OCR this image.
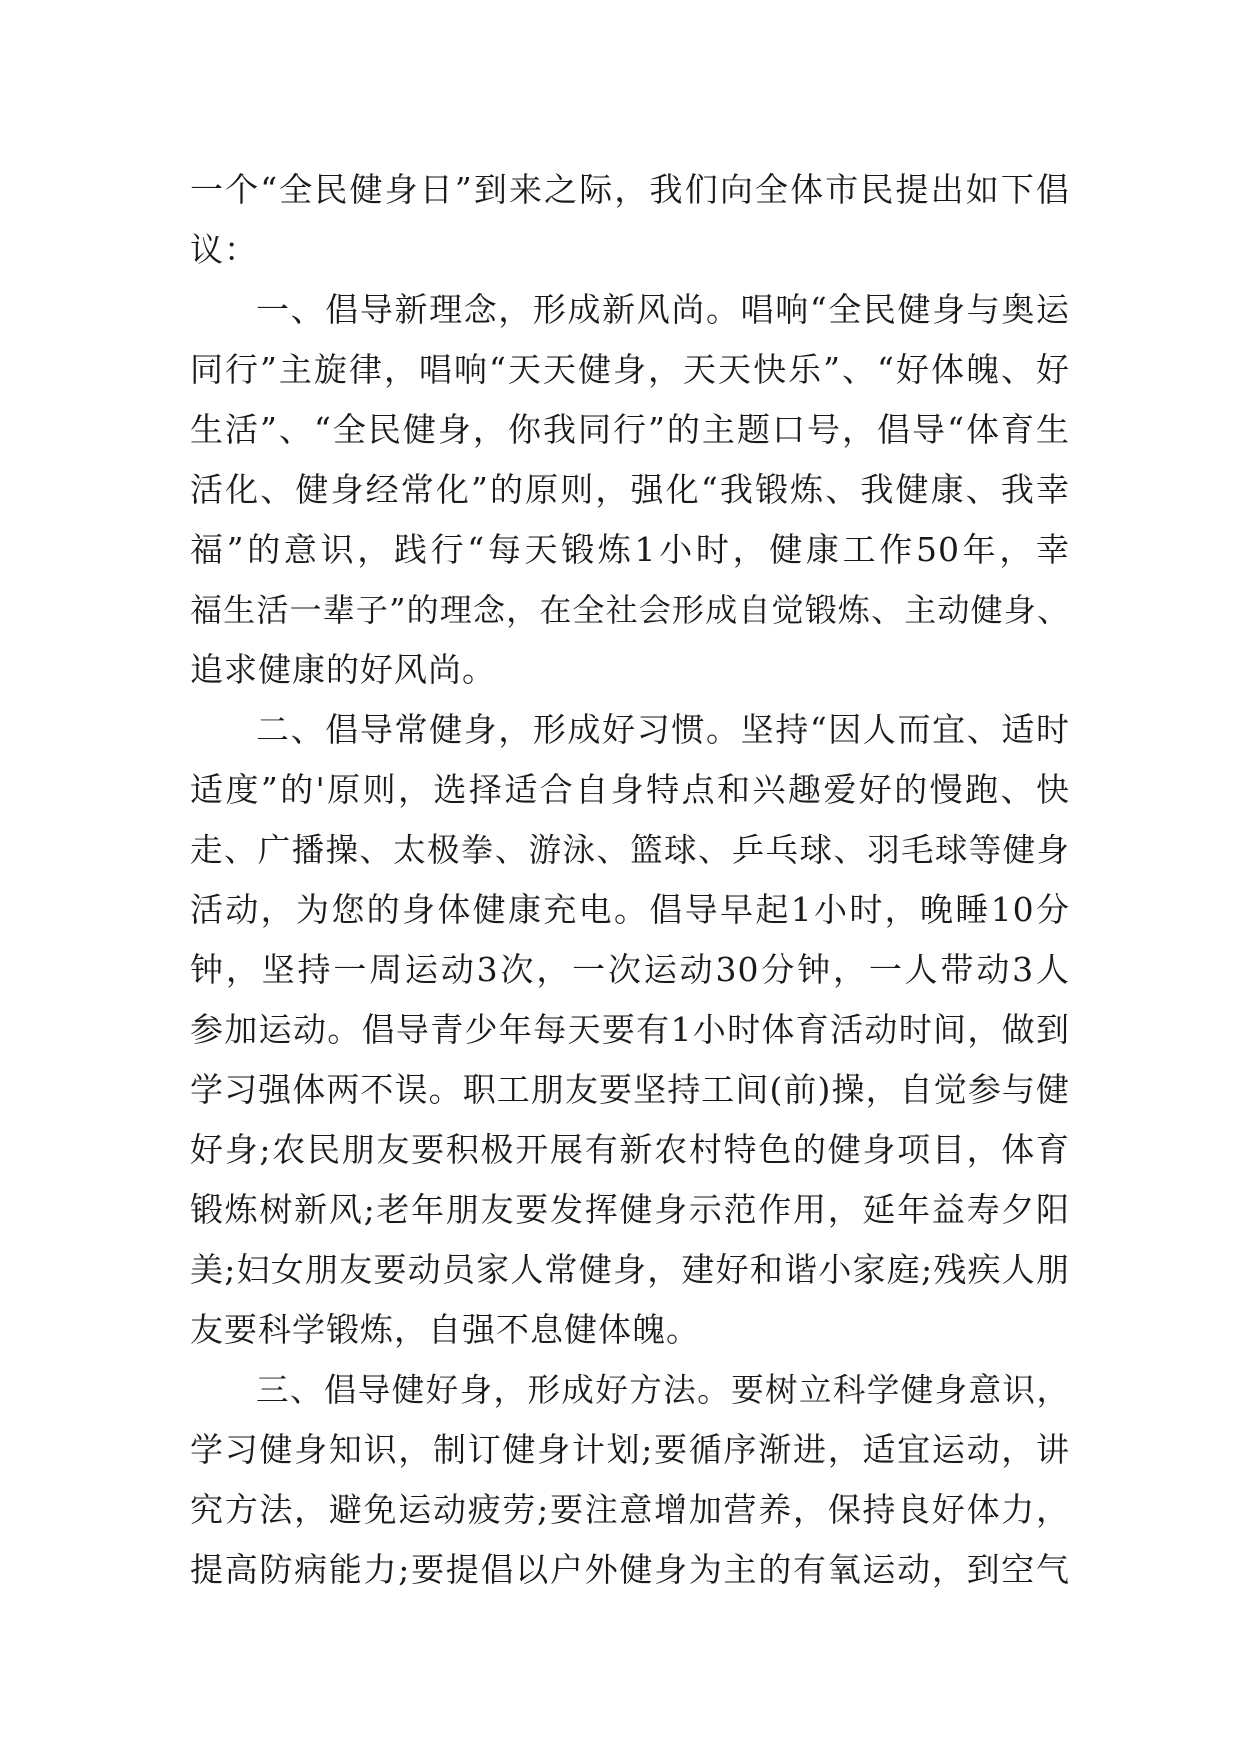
一个“全民健身日”到来之际，我们向全体市民提出如下倡
议：
一、倡导新理念，形成新风尚。唱响“全民健身与奥运
同行”主旋律，唱响“天天健身，天天快乐”、“好体魄、好
生活”、“全民健身，你我同行”的主题口号，倡导“体育生
活化、健身经常化”的原则，强化“我锻炼、我健康、我幸
福”的意识，践行“每天锻炼1小时，健康工作50年，幸
福生活一辈子”的理念，在全社会形成自觉锻炼、主动健身、
追求健康的好风尚。
二、倡导常健身，形成好习惯。坚持“因人而宜、适时
适度”的'原则，选择适合自身特点和兴趣爱好的慢跑、快
走、广播操、太极拳、游泳、篮球、乒乓球、羽毛球等健身
活动，为您的身体健康充电。倡导早起1小时，晚睡10分
钟，坚持一周运动3次，一次运动30分钟，一人带动3人
参加运动。倡导青少年每天要有1小时体育活动时间，做到
学习强体两不误。职工朋友要坚持工间(前)操，自觉参与健
好身;农民朋友要积极开展有新农村特色的健身项目，体育
锻炼树新风;老年朋友要发挥健身示范作用，延年益寿夕阳
美;妇女朋友要动员家人常健身，建好和谐小家庭;残疾人朋
友要科学锻炼，自强不息健体魄。
三、倡导健好身，形成好方法。要树立科学健身意识，
学习健身知识，制订健身计划;要循序渐进，适宜运动，讲
究方法，避免运动疲劳;要注意增加营养，保持良好体力，
提高防病能力;要提倡以户外健身为主的有氧运动，到空气
